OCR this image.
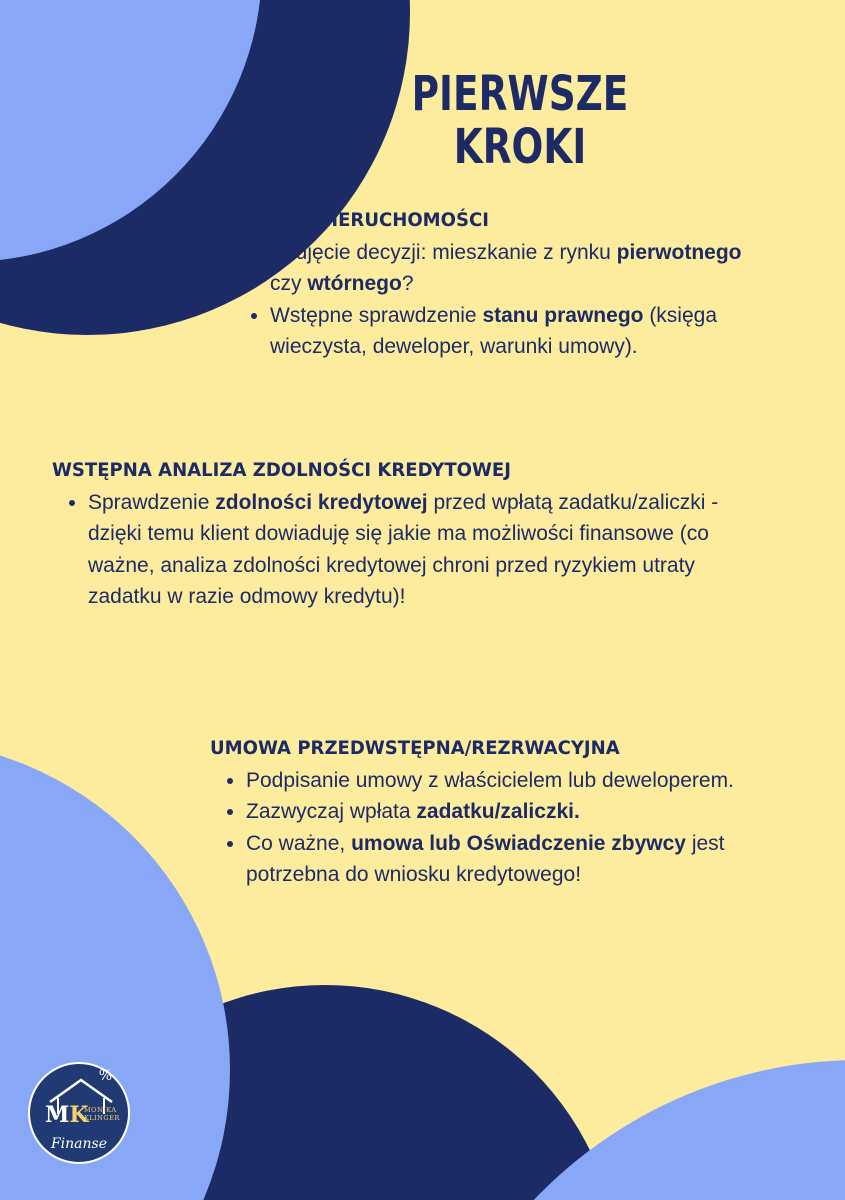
PIERWSZE KROKI
WYBÓR NIERUCHOMOŚCI
• Podjęcie decyzji: mieszkanie z rynku pierwotnego czy wtórnego?
• Wstępne sprawdzenie stanu prawnego (księga wieczysta, deweloper, warunki umowy).
WSTĘPNA ANALIZA ZDOLNOŚCI KREDYTOWEJ
• Sprawdzenie zdolności kredytowej przed wpłatą zadatku/zaliczki - dzięki temu klient dowiaduję się jakie ma możliwości finansowe (co ważne, analiza zdolności kredytowej chroni przed ryzykiem utraty zadatku w razie odmowy kredytu)!
UMOWA PRZEDWSTĘPNA/REZRWACYJNA
• Podpisanie umowy z właścicielem lub deweloperem.
• Zazwyczaj wpłata zadatku/zaliczki.
• Co ważne, umowa lub Oświadczenie zbywcy jest potrzebna do wniosku kredytowego!
%
MK
MONIKA
KLINGER
Finanse
